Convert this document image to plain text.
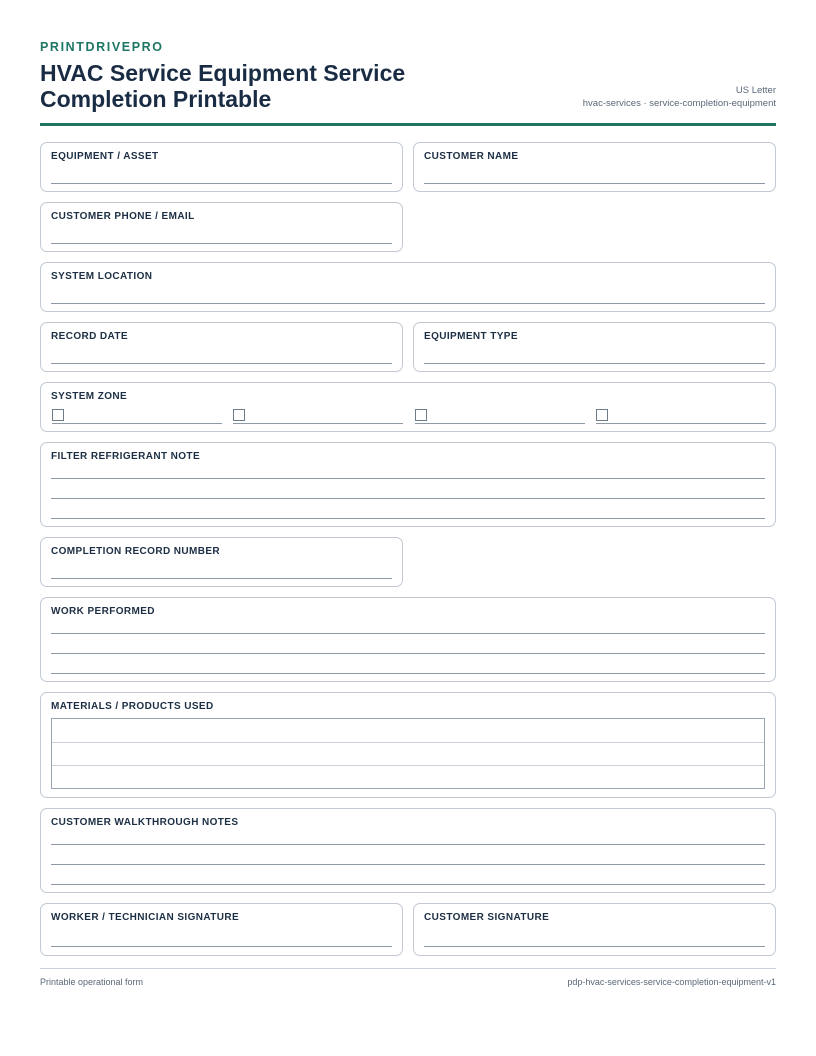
PRINTDRIVEPRO
HVAC Service Equipment Service Completion Printable	US Letter
hvac-services · service-completion-equipment
EQUIPMENT / ASSET	CUSTOMER NAME
CUSTOMER PHONE / EMAIL
SYSTEM LOCATION
RECORD DATE	EQUIPMENT TYPE
SYSTEM ZONE
FILTER REFRIGERANT NOTE
COMPLETION RECORD NUMBER
WORK PERFORMED
MATERIALS / PRODUCTS USED
CUSTOMER WALKTHROUGH NOTES
WORKER / TECHNICIAN SIGNATURE	CUSTOMER SIGNATURE
Printable operational form	pdp-hvac-services-service-completion-equipment-v1
